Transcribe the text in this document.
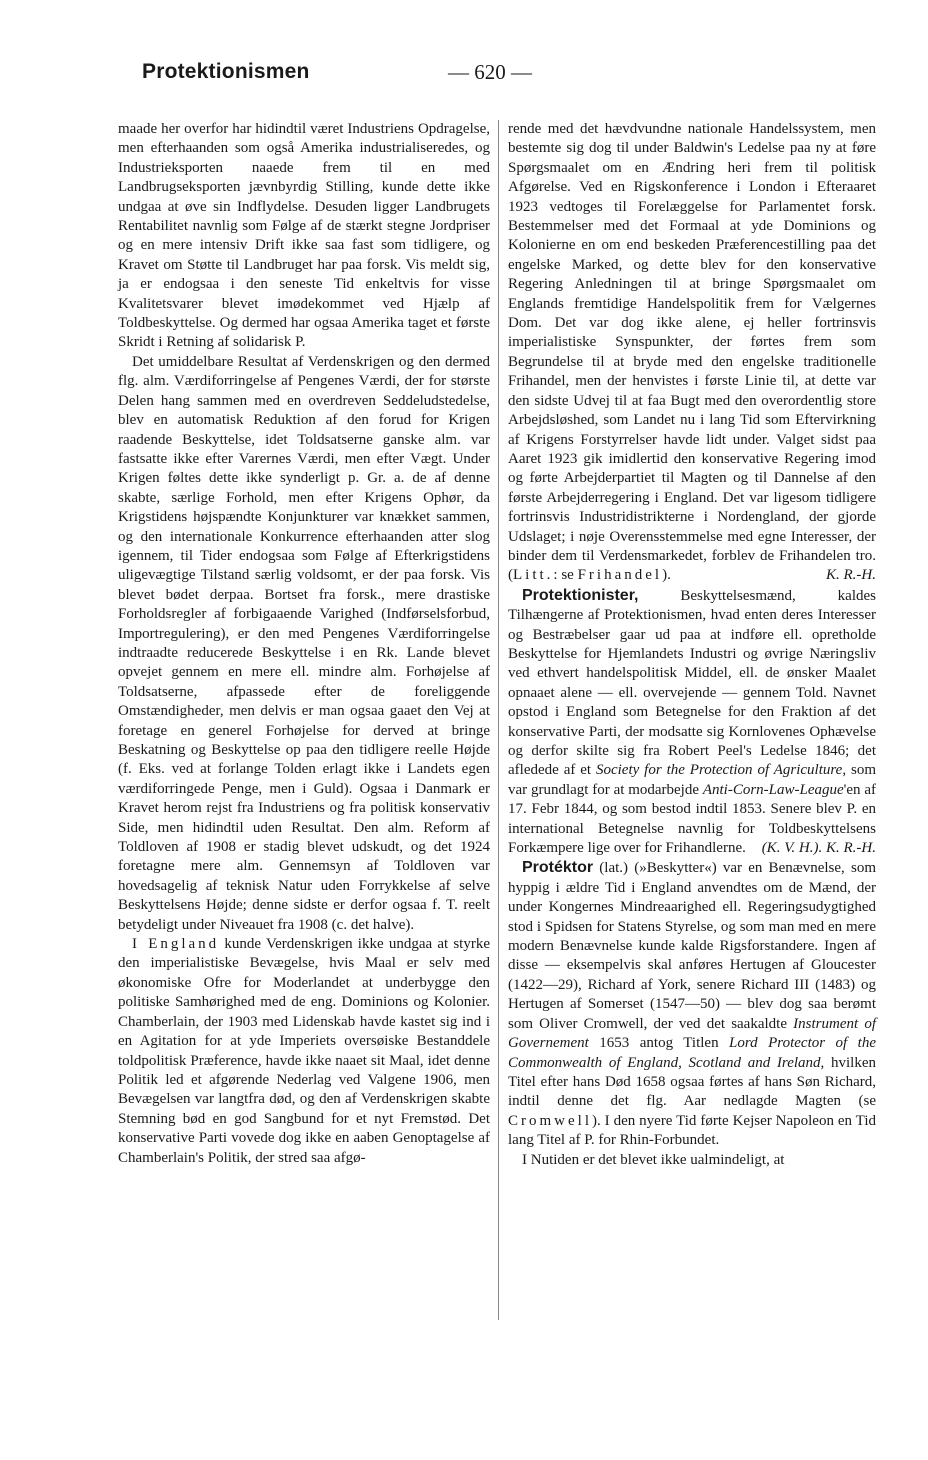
Protektionismen	— 620 —

maade her overfor har hidindtil været Industriens Opdragelse, men efterhaanden som også Amerika industrialiseredes, og Industrieksporten naaede frem til en med Landbrugseksporten jævnbyrdig Stilling, kunde dette ikke undgaa at øve sin Indflydelse. Desuden ligger Landbrugets Rentabilitet navnlig som Følge af de stærkt stegne Jordpriser og en mere intensiv Drift ikke saa fast som tidligere, og Kravet om Støtte til Landbruget har paa forsk. Vis meldt sig, ja er endogsaa i den seneste Tid enkeltvis for visse Kvalitetsvarer blevet imødekommet ved Hjælp af Toldbeskyttelse. Og dermed har ogsaa Amerika taget et første Skridt i Retning af solidarisk P.

Det umiddelbare Resultat af Verdenskrigen og den dermed flg. alm. Værdiforringelse af Pengenes Værdi, der for største Delen hang sammen med en overdreven Seddeludstedelse, blev en automatisk Reduktion af den forud for Krigen raadende Beskyttelse, idet Toldsatserne ganske alm. var fastsatte ikke efter Varernes Værdi, men efter Vægt. Under Krigen føltes dette ikke synderligt p. Gr. a. de af denne skabte, særlige Forhold, men efter Krigens Ophør, da Krigstidens højspændte Konjunkturer var knækket sammen, og den internationale Konkurrence efterhaanden atter slog igennem, til Tider endogsaa som Følge af Efterkrigstidens uligevægtige Tilstand særlig voldsomt, er der paa forsk. Vis blevet bødet derpaa. Bortset fra forsk., mere drastiske Forholdsregler af forbigaaende Varighed (Indførselsforbud, Importregulering), er den med Pengenes Værdiforringelse indtraadte reducerede Beskyttelse i en Rk. Lande blevet opvejet gennem en mere ell. mindre alm. Forhøjelse af Toldsatserne, afpassede efter de foreliggende Omstændigheder, men delvis er man ogsaa gaaet den Vej at foretage en generel Forhøjelse for derved at bringe Beskatning og Beskyttelse op paa den tidligere reelle Højde (f. Eks. ved at forlange Tolden erlagt ikke i Landets egen værdiforringede Penge, men i Guld). Ogsaa i Danmark er Kravet herom rejst fra Industriens og fra politisk konservativ Side, men hidindtil uden Resultat. Den alm. Reform af Toldloven af 1908 er stadig blevet udskudt, og det 1924 foretagne mere alm. Gennemsyn af Toldloven var hovedsagelig af teknisk Natur uden Forrykkelse af selve Beskyttelsens Højde; denne sidste er derfor ogsaa f. T. reelt betydeligt under Niveauet fra 1908 (c. det halve).

I England kunde Verdenskrigen ikke undgaa at styrke den imperialistiske Bevægelse, hvis Maal er selv med økonomiske Ofre for Moderlandet at underbygge den politiske Samhørighed med de eng. Dominions og Kolonier. Chamberlain, der 1903 med Lidenskab havde kastet sig ind i en Agitation for at yde Imperiets oversøiske Bestanddele toldpolitisk Præference, havde ikke naaet sit Maal, idet denne Politik led et afgørende Nederlag ved Valgene 1906, men Bevægelsen var langtfra død, og den af Verdenskrigen skabte Stemning bød en god Sangbund for et nyt Fremstød. Det konservative Parti vovede dog ikke en aaben Genoptagelse af Chamberlain's Politik, der stred saa afgø-

rende med det hævdvundne nationale Handelssystem, men bestemte sig dog til under Baldwin's Ledelse paa ny at føre Spørgsmaalet om en Ændring heri frem til politisk Afgørelse. Ved en Rigskonference i London i Efteraaret 1923 vedtoges til Forelæggelse for Parlamentet forsk. Bestemmelser med det Formaal at yde Dominions og Kolonierne en om end beskeden Præferencestilling paa det engelske Marked, og dette blev for den konservative Regering Anledningen til at bringe Spørgsmaalet om Englands fremtidige Handelspolitik frem for Vælgernes Dom. Det var dog ikke alene, ej heller fortrinsvis imperialistiske Synspunkter, der førtes frem som Begrundelse til at bryde med den engelske traditionelle Frihandel, men der henvistes i første Linie til, at dette var den sidste Udvej til at faa Bugt med den overordentlig store Arbejdsløshed, som Landet nu i lang Tid som Eftervirkning af Krigens Forstyrrelser havde lidt under. Valget sidst paa Aaret 1923 gik imidlertid den konservative Regering imod og førte Arbejderpartiet til Magten og til Dannelse af den første Arbejderregering i England. Det var ligesom tidligere fortrinsvis Industridistrikterne i Nordengland, der gjorde Udslaget; i nøje Overensstemmelse med egne Interesser, der binder dem til Verdensmarkedet, forblev de Frihandelen tro. (Litt.: se Frihandel).	K. R.-H.

Protektionister, Beskyttelsesmænd, kaldes Tilhængerne af Protektionismen, hvad enten deres Interesser og Bestræbelser gaar ud paa at indføre ell. opretholde Beskyttelse for Hjemlandets Industri og øvrige Næringsliv ved ethvert handelspolitisk Middel, ell. de ønsker Maalet opnaaet alene — ell. overvejende — gennem Told. Navnet opstod i England som Betegnelse for den Fraktion af det konservative Parti, der modsatte sig Kornlovenes Ophævelse og derfor skilte sig fra Robert Peel's Ledelse 1846; det afledede af et Society for the Protection of Agriculture, som var grundlagt for at modarbejde Anti-Corn-Law-League'en af 17. Febr 1844, og som bestod indtil 1853. Senere blev P. en international Betegnelse navnlig for Toldbeskyttelsens Forkæmpere lige over for Frihandlerne.	(K. V. H.). K. R.-H.

Protéktor (lat.) (»Beskytter«) var en Benævnelse, som hyppig i ældre Tid i England anvendtes om de Mænd, der under Kongernes Mindreaarighed ell. Regeringsudygtighed stod i Spidsen for Statens Styrelse, og som man med en mere modern Benævnelse kunde kalde Rigsforstandere. Ingen af disse — eksempelvis skal anføres Hertugen af Gloucester (1422—29), Richard af York, senere Richard III (1483) og Hertugen af Somerset (1547—50) — blev dog saa berømt som Oliver Cromwell, der ved det saakaldte Instrument of Governement 1653 antog Titlen Lord Protector of the Commonwealth of England, Scotland and Ireland, hvilken Titel efter hans Død 1658 ogsaa førtes af hans Søn Richard, indtil denne det flg. Aar nedlagde Magten (se Cromwell). I den nyere Tid førte Kejser Napoleon en Tid lang Titel af P. for Rhin-Forbundet.

I Nutiden er det blevet ikke ualmindeligt, at
